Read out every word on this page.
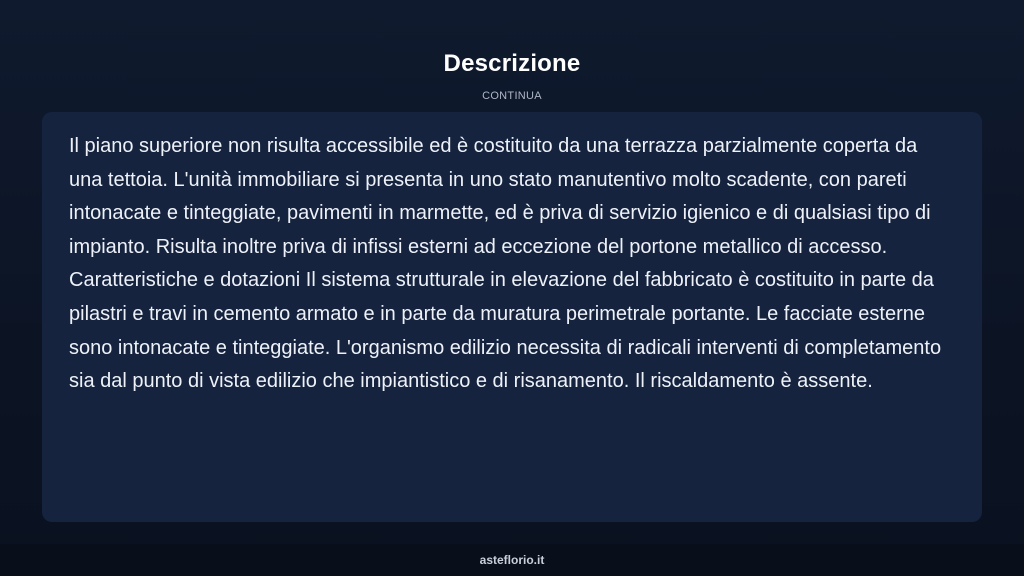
Descrizione
CONTINUA

Il piano superiore non risulta accessibile ed è costituito da una terrazza parzialmente coperta da una tettoia. L'unità immobiliare si presenta in uno stato manutentivo molto scadente, con pareti intonacate e tinteggiate, pavimenti in marmette, ed è priva di servizio igienico e di qualsiasi tipo di impianto. Risulta inoltre priva di infissi esterni ad eccezione del portone metallico di accesso. Caratteristiche e dotazioni Il sistema strutturale in elevazione del fabbricato è costituito in parte da pilastri e travi in cemento armato e in parte da muratura perimetrale portante. Le facciate esterne sono intonacate e tinteggiate. L'organismo edilizio necessita di radicali interventi di completamento sia dal punto di vista edilizio che impiantistico e di risanamento. Il riscaldamento è assente.

asteflorio.it
